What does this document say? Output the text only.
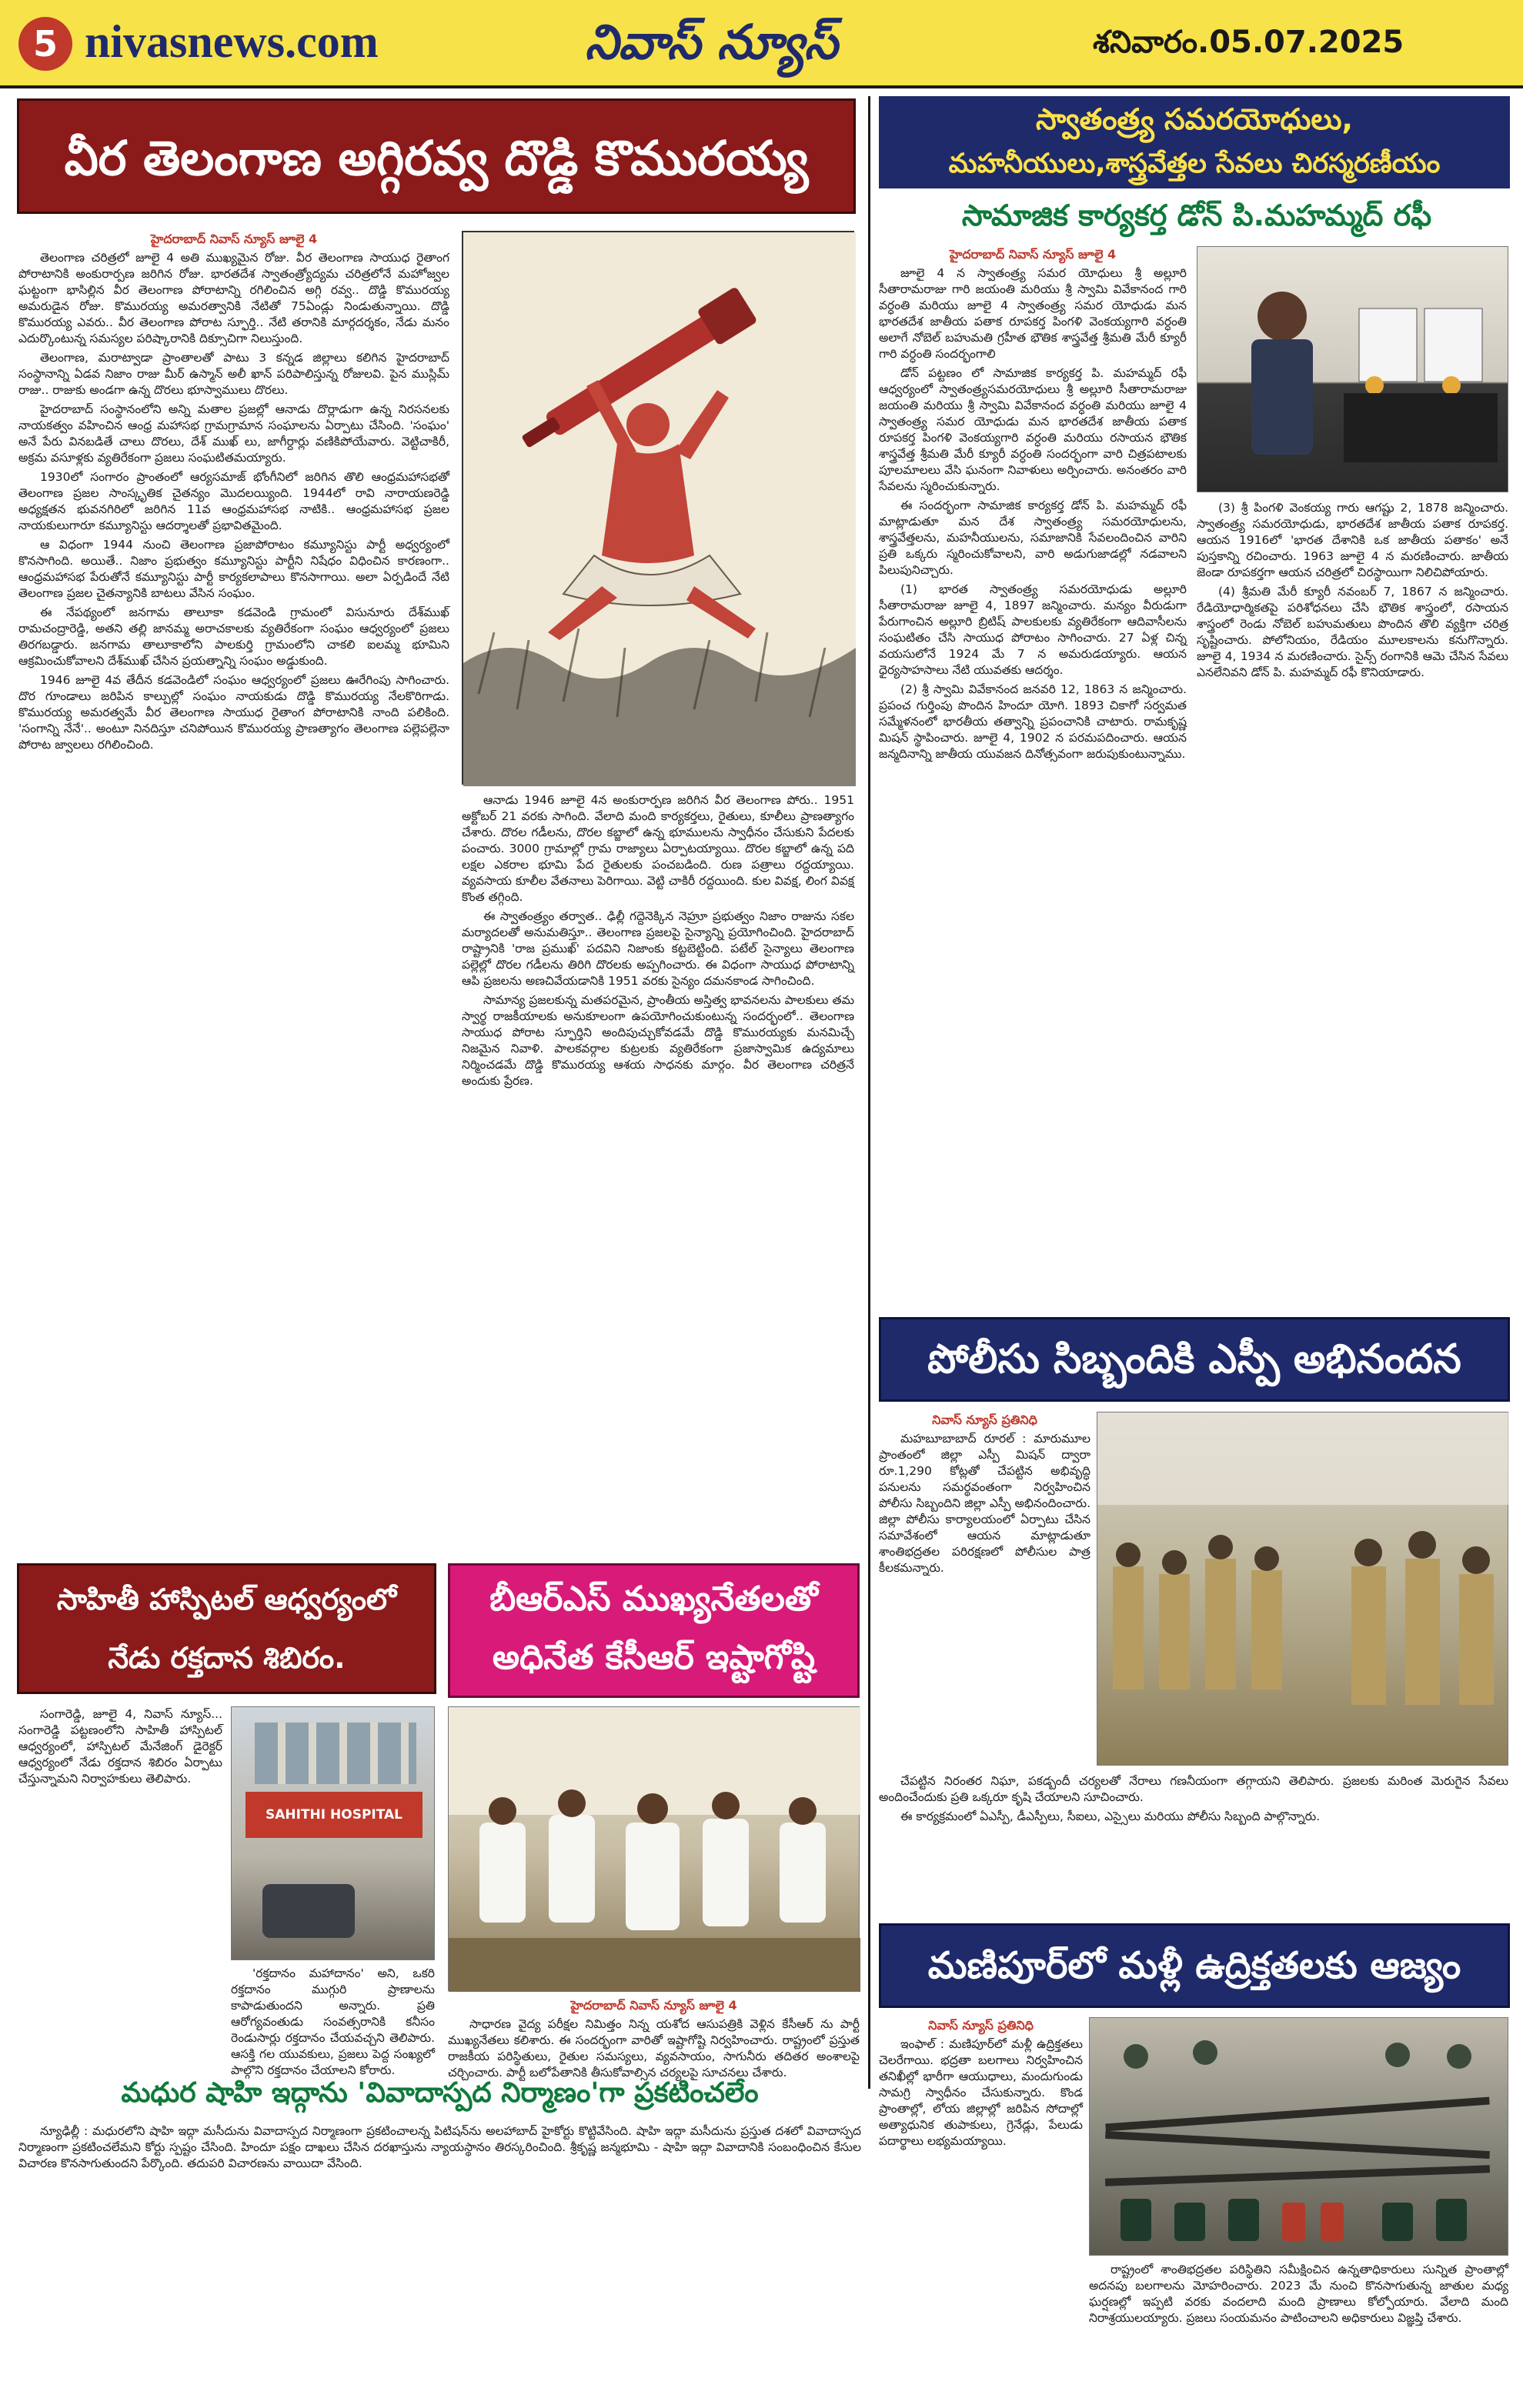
5 nivasnews.com	నివాస్ న్యూస్	శనివారం.05.07.2025
వీర తెలంగాణ అగ్గిరవ్వ దొడ్డి కొమురయ్య

హైదరాబాద్ నివాస్ న్యూస్ జూలై 4

తెలంగాణ చరిత్రలో జూలై 4 అతి ముఖ్యమైన రోజు. వీర తెలంగాణ సాయుధ రైతాంగ పోరాటానికి అంకురార్పణ జరిగిన రోజు. భారతదేశ స్వాతంత్ర్యోద్యమ చరిత్రలోనే మహోజ్వల ఘట్టంగా భాసిల్లిన వీర తెలంగాణ పోరాటాన్ని రగిలించిన అగ్గి రవ్వ.. దొడ్డి కొమురయ్య అమరుడైన రోజు. కొమురయ్య అమరత్వానికి నేటితో 75ఏండ్లు నిండుతున్నాయి. దొడ్డి కొమురయ్య ఎవరు.. వీర తెలంగాణ పోరాట స్ఫూర్తి.. నేటి తరానికి మార్గదర్శకం, నేడు మనం ఎదుర్కొంటున్న సమస్యల పరిష్కారానికి దిక్సూచిగా నిలుస్తుంది.

తెలంగాణ, మరాట్వాడా ప్రాంతాలతో పాటు 3 కన్నడ జిల్లాలు కలిగిన హైదరాబాద్ సంస్థానాన్ని ఏడవ నిజాం రాజు మీర్ ఉస్మాన్ అలీ ఖాన్ పరిపాలిస్తున్న రోజులవి. పైన ముస్లిమ్ రాజు.. రాజుకు అండగా ఉన్న దొరలు భూస్వాములు దొరలు.

హైదరాబాద్ సంస్థానంలోని అన్ని మతాల ప్రజల్లో ఆనాడు దొర్లాడుగా ఉన్న నిరసనలకు నాయకత్వం వహించిన ఆంధ్ర మహాసభ గ్రామగ్రామాన సంఘాలను ఏర్పాటు చేసింది. 'సంఘం' అనే పేరు వినబడితే చాలు దొరలు, దేశ్ ముఖ్ లు, జాగీర్దార్లు వణికిపోయేవారు. వెట్టిచాకిరీ, అక్రమ వసూళ్లకు వ్యతిరేకంగా ప్రజలు సంఘటితమయ్యారు.

1930లో సంగారం ప్రాంతంలో ఆర్యసమాజ్ భోంగీనిలో జరిగిన తొలి ఆంధ్రమహాసభతో తెలంగాణ ప్రజల సాంస్కృతిక చైతన్యం మొదలయ్యింది. 1944లో రావి నారాయణరెడ్డి అధ్యక్షతన భువనగిరిలో జరిగిన 11వ ఆంధ్రమహాసభ నాటికి.. ఆంధ్రమహాసభ ప్రజల నాయకులుగారూ కమ్యూనిస్టు ఆదర్శాలతో ప్రభావితమైంది.

ఆ విధంగా 1944 నుంచి తెలంగాణ ప్రజాపోరాటం కమ్యూనిస్టు పార్టీ అధ్వర్యంలో కొనసాగింది. అయితే.. నిజాం ప్రభుత్వం కమ్యూనిస్టు పార్టీని నిషేధం విధించిన కారణంగా.. ఆంధ్రమహాసభ పేరుతోనే కమ్యూనిస్టు పార్టీ కార్యకలాపాలు కొనసాగాయి. అలా ఏర్పడిందే నేటి తెలంగాణ ప్రజల చైతన్యానికి బాటలు వేసిన సంఘం.

ఈ నేపథ్యంలో జనగామ తాలూకా కడవెండి గ్రామంలో విసునూరు దేశ్‌ముఖ్ రామచంద్రారెడ్డి, అతని తల్లి జానమ్మ అరాచకాలకు వ్యతిరేకంగా సంఘం ఆధ్వర్యంలో ప్రజలు తిరగబడ్డారు. జనగామ తాలూకాలోని పాలకుర్తి గ్రామంలోని చాకలి ఐలమ్మ భూమిని ఆక్రమించుకోవాలని దేశ్‌ముఖ్ చేసిన ప్రయత్నాన్ని సంఘం అడ్డుకుంది.

1946 జూలై 4వ తేదీన కడవెండిలో సంఘం ఆధ్వర్యంలో ప్రజలు ఊరేగింపు సాగించారు. దొర గూండాలు జరిపిన కాల్పుల్లో సంఘం నాయకుడు దొడ్డి కొమురయ్య నేలకొరిగాడు. కొమురయ్య అమరత్వమే వీర తెలంగాణ సాయుధ రైతాంగ పోరాటానికి నాంది పలికింది. 'సంగాన్ని నేనే'.. అంటూ నినదిస్తూ చనిపోయిన కొమురయ్య ప్రాణత్యాగం తెలంగాణ పల్లెపల్లెనా పోరాట జ్వాలలు రగిలించింది.

ఆనాడు 1946 జూలై 4న అంకురార్పణ జరిగిన వీర తెలంగాణ పోరు.. 1951 అక్టోబర్ 21 వరకు సాగింది. వేలాది మంది కార్యకర్తలు, రైతులు, కూలీలు ప్రాణత్యాగం చేశారు. దొరల గడీలను, దొరల కబ్జాలో ఉన్న భూములను స్వాధీనం చేసుకుని పేదలకు పంచారు. 3000 గ్రామాల్లో గ్రామ రాజ్యాలు ఏర్పాటయ్యాయి. దొరల కబ్జాలో ఉన్న పది లక్షల ఎకరాల భూమి పేద రైతులకు పంచబడింది. రుణ పత్రాలు రద్దయ్యాయి. వ్యవసాయ కూలీల వేతనాలు పెరిగాయి. వెట్టి చాకిరీ రద్దయింది. కుల వివక్ష, లింగ వివక్ష కొంత తగ్గింది.

ఈ స్వాతంత్ర్యం తర్వాత.. ఢిల్లీ గద్దెనెక్కిన నెహ్రూ ప్రభుత్వం నిజాం రాజును సకల మర్యాదలతో అనుమతిస్తూ.. తెలంగాణ ప్రజలపై సైన్యాన్ని ప్రయోగించింది. హైదరాబాద్ రాష్ట్రానికి 'రాజ ప్రముఖ్' పదవిని నిజాంకు కట్టబెట్టింది. పటేల్ సైన్యాలు తెలంగాణ పల్లెల్లో దొరల గడీలను తిరిగి దొరలకు అప్పగించారు. ఈ విధంగా సాయుధ పోరాటాన్ని ఆపి ప్రజలను అణచివేయడానికి 1951 వరకు సైన్యం దమనకాండ సాగించింది.

సామాన్య ప్రజలకున్న మతపరమైన, ప్రాంతీయ అస్తిత్వ భావనలను పాలకులు తమ స్వార్థ రాజకీయాలకు అనుకూలంగా ఉపయోగించుకుంటున్న సందర్భంలో.. తెలంగాణ సాయుధ పోరాట స్ఫూర్తిని అందిపుచ్చుకోవడమే దొడ్డి కొమురయ్యకు మనమిచ్చే నిజమైన నివాళి. పాలకవర్గాల కుట్రలకు వ్యతిరేకంగా ప్రజాస్వామిక ఉద్యమాలు నిర్మించడమే దొడ్డి కొమురయ్య ఆశయ సాధనకు మార్గం. వీర తెలంగాణ చరిత్రనే అందుకు ప్రేరణ.

స్వాతంత్ర్య సమరయోధులు,
మహనీయులు,శాస్త్రవేత్తల సేవలు చిరస్మరణీయం
సామాజిక కార్యకర్త డోన్ పి.మహమ్మద్ రఫీ

హైదరాబాద్ నివాస్ న్యూస్ జూలై 4

జూలై 4 న స్వాతంత్ర్య సమర యోధులు శ్రీ అల్లూరి సీతారామరాజు గారి జయంతి మరియు శ్రీ స్వామి వివేకానంద గారి వర్ధంతి మరియు జూలై 4 స్వాతంత్ర్య సమర యోధుడు మన భారతదేశ జాతీయ పతాక రూపకర్త పింగళి వెంకయ్యగారి వర్ధంతి అలాగే నోబెల్ బహుమతి గ్రహీత భౌతిక శాస్త్రవేత్త శ్రీమతి మేరీ క్యూరీ గారి వర్ధంతి సందర్భంగాలి

డోన్ పట్టణం లో సామాజిక కార్యకర్త పి. మహమ్మద్ రఫీ ఆధ్వర్యంలో స్వాతంత్ర్యసమరయోధులు శ్రీ అల్లూరి సీతారామరాజు జయంతి మరియు శ్రీ స్వామి వివేకానంద వర్ధంతి మరియు జూలై 4 స్వాతంత్ర్య సమర యోధుడు మన భారతదేశ జాతీయ పతాక రూపకర్త పింగళి వెంకయ్యగారి వర్ధంతి మరియు రసాయన భౌతిక శాస్త్రవేత్త శ్రీమతి మేరీ క్యూరీ వర్ధంతి సందర్భంగా వారి చిత్రపటాలకు పూలమాలలు వేసి ఘనంగా నివాళులు అర్పించారు. అనంతరం వారి సేవలను స్మరించుకున్నారు.

ఈ సందర్భంగా సామాజిక కార్యకర్త డోన్ పి. మహమ్మద్ రఫీ మాట్లాడుతూ మన దేశ స్వాతంత్ర్య సమరయోధులను, శాస్త్రవేత్తలను, మహనీయులను, సమాజానికి సేవలందించిన వారిని ప్రతి ఒక్కరు స్మరించుకోవాలని, వారి అడుగుజాడల్లో నడవాలని పిలుపునిచ్చారు.

(1) భారత స్వాతంత్ర్య సమరయోధుడు అల్లూరి సీతారామరాజు జూలై 4, 1897 జన్మించారు. మన్యం వీరుడుగా పేరుగాంచిన అల్లూరి బ్రిటిష్ పాలకులకు వ్యతిరేకంగా ఆదివాసీలను సంఘటితం చేసి సాయుధ పోరాటం సాగించారు. 27 ఏళ్ల చిన్న వయసులోనే 1924 మే 7 న అమరుడయ్యారు. ఆయన ధైర్యసాహసాలు నేటి యువతకు ఆదర్శం.

(2) శ్రీ స్వామి వివేకానంద జనవరి 12, 1863 న జన్మించారు. ప్రపంచ గుర్తింపు పొందిన హిందూ యోగి. 1893 చికాగో సర్వమత సమ్మేళనంలో భారతీయ తత్వాన్ని ప్రపంచానికి చాటారు. రామకృష్ణ మిషన్ స్థాపించారు. జూలై 4, 1902 న పరమపదించారు. ఆయన జన్మదినాన్ని జాతీయ యువజన దినోత్సవంగా జరుపుకుంటున్నాము.

(3) శ్రీ పింగళి వెంకయ్య గారు ఆగష్టు 2, 1878 జన్మించారు. స్వాతంత్ర్య సమరయోధుడు, భారతదేశ జాతీయ పతాక రూపకర్త. ఆయన 1916లో 'భారత దేశానికి ఒక జాతీయ పతాకం' అనే పుస్తకాన్ని రచించారు. 1963 జూలై 4 న మరణించారు. జాతీయ జెండా రూపకర్తగా ఆయన చరిత్రలో చిరస్థాయిగా నిలిచిపోయారు.

(4) శ్రీమతి మేరీ క్యూరీ నవంబర్ 7, 1867 న జన్మించారు. రేడియోధార్మికతపై పరిశోధనలు చేసి భౌతిక శాస్త్రంలో, రసాయన శాస్త్రంలో రెండు నోబెల్ బహుమతులు పొందిన తొలి వ్యక్తిగా చరిత్ర సృష్టించారు. పోలోనియం, రేడియం మూలకాలను కనుగొన్నారు. జూలై 4, 1934 న మరణించారు. సైన్స్ రంగానికి ఆమె చేసిన సేవలు ఎనలేనివని డోన్ పి. మహమ్మద్ రఫీ కొనియాడారు.

పోలీసు సిబ్బందికి ఎస్పీ అభినందన

నివాస్ న్యూస్ ప్రతినిధి

మహబూబాబాద్ రూరల్ : మారుమూల ప్రాంతంలో జిల్లా ఎస్పీ మిషన్ ద్వారా రూ.1,290 కోట్లతో చేపట్టిన అభివృద్ధి పనులను సమర్థవంతంగా నిర్వహించిన పోలీసు సిబ్బందిని జిల్లా ఎస్పీ అభినందించారు. జిల్లా పోలీసు కార్యాలయంలో ఏర్పాటు చేసిన సమావేశంలో ఆయన మాట్లాడుతూ శాంతిభద్రతల పరిరక్షణలో పోలీసుల పాత్ర కీలకమన్నారు.

చేపట్టిన నిరంతర నిఘా, పకడ్బందీ చర్యలతో నేరాలు గణనీయంగా తగ్గాయని తెలిపారు. ప్రజలకు మరింత మెరుగైన సేవలు అందించేందుకు ప్రతి ఒక్కరూ కృషి చేయాలని సూచించారు.

ఈ కార్యక్రమంలో ఏఎస్పీ, డీఎస్పీలు, సీఐలు, ఎస్సైలు మరియు పోలీసు సిబ్బంది పాల్గొన్నారు.

సాహితీ హాస్పిటల్ ఆధ్వర్యంలో
నేడు రక్తదాన శిబిరం.

సంగారెడ్డి, జూలై 4, నివాస్ న్యూస్... సంగారెడ్డి పట్టణంలోని సాహితీ హాస్పిటల్ ఆధ్వర్యంలో, హాస్పిటల్ మేనేజింగ్ డైరెక్టర్ ఆధ్వర్యంలో నేడు రక్తదాన శిబిరం ఏర్పాటు చేస్తున్నామని నిర్వాహకులు తెలిపారు.

SAHITHI HOSPITAL

'రక్తదానం మహాదానం' అని, ఒకరి రక్తదానం ముగ్గురి ప్రాణాలను కాపాడుతుందని అన్నారు. ప్రతి ఆరోగ్యవంతుడు సంవత్సరానికి కనీసం రెండుసార్లు రక్తదానం చేయవచ్చని తెలిపారు. ఆసక్తి గల యువకులు, ప్రజలు పెద్ద సంఖ్యలో పాల్గొని రక్తదానం చేయాలని కోరారు.

బీఆర్ఎస్ ముఖ్యనేతలతో
అధినేత కేసీఆర్ ఇష్టాగోష్టి

హైదరాబాద్ నివాస్ న్యూస్ జూలై 4

సాధారణ వైద్య పరీక్షల నిమిత్తం నిన్న యశోద ఆసుపత్రికి వెళ్లిన కేసీఆర్ ను పార్టీ ముఖ్యనేతలు కలిశారు. ఈ సందర్భంగా వారితో ఇష్టాగోష్టి నిర్వహించారు. రాష్ట్రంలో ప్రస్తుత రాజకీయ పరిస్థితులు, రైతుల సమస్యలు, వ్యవసాయం, సాగునీరు తదితర అంశాలపై చర్చించారు. పార్టీ బలోపేతానికి తీసుకోవాల్సిన చర్యలపై సూచనలు చేశారు.

మణిపూర్‌లో మళ్లీ ఉద్రిక్తతలకు ఆజ్యం

నివాస్ న్యూస్ ప్రతినిధి

ఇంఫాల్ : మణిపూర్‌లో మళ్లీ ఉద్రిక్తతలు చెలరేగాయి. భద్రతా బలగాలు నిర్వహించిన తనిఖీల్లో భారీగా ఆయుధాలు, మందుగుండు సామగ్రి స్వాధీనం చేసుకున్నారు. కొండ ప్రాంతాల్లో, లోయ జిల్లాల్లో జరిపిన సోదాల్లో అత్యాధునిక తుపాకులు, గ్రెనేడ్లు, పేలుడు పదార్థాలు లభ్యమయ్యాయి.

రాష్ట్రంలో శాంతిభద్రతల పరిస్థితిని సమీక్షించిన ఉన్నతాధికారులు సున్నిత ప్రాంతాల్లో అదనపు బలగాలను మోహరించారు. 2023 మే నుంచి కొనసాగుతున్న జాతుల మధ్య ఘర్షణల్లో ఇప్పటి వరకు వందలాది మంది ప్రాణాలు కోల్పోయారు. వేలాది మంది నిరాశ్రయులయ్యారు. ప్రజలు సంయమనం పాటించాలని అధికారులు విజ్ఞప్తి చేశారు.

మధుర షాహి ఇద్గాను 'వివాదాస్పద నిర్మాణం'గా ప్రకటించలేం

న్యూఢిల్లీ : మధురలోని షాహి ఇద్గా మసీదును వివాదాస్పద నిర్మాణంగా ప్రకటించాలన్న పిటిషన్‌ను అలహాబాద్ హైకోర్టు కొట్టివేసింది. షాహి ఇద్గా మసీదును ప్రస్తుత దశలో వివాదాస్పద నిర్మాణంగా ప్రకటించలేమని కోర్టు స్పష్టం చేసింది. హిందూ పక్షం దాఖలు చేసిన దరఖాస్తును న్యాయస్థానం తిరస్కరించింది. శ్రీకృష్ణ జన్మభూమి - షాహి ఇద్గా వివాదానికి సంబంధించిన కేసుల విచారణ కొనసాగుతుందని పేర్కొంది. తదుపరి విచారణను వాయిదా వేసింది.
